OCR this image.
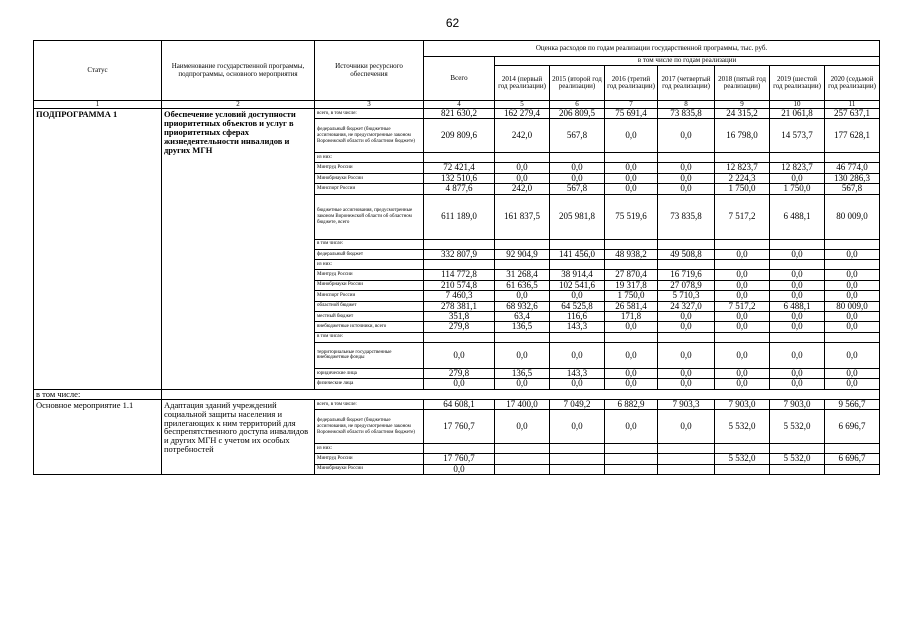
62
Статус	Наименование государственной программы, подпрограммы, основного мероприятия	Источники ресурсного обеспечения	Оценка расходов по годам реализации государственной программы, тыс. руб.							
			Всего	в том числе по годам реализации						
				2014 (первый год реализации)	2015 (второй год реализации)	2016 (третий год реализации)	2017 (четвертый год реализации)	2018 (пятый год реализации)	2019 (шестой год реализации)	2020 (седьмой год реализации)
1	2	3	4	5	6	7	8	9	10	11
ПОДПРОГРАММА 1	Обеспечение условий доступности приоритетных объектов и услуг в приоритетных сферах жизнедеятельности инвалидов и других МГН	всего, в том числе:	821 630,2	162 279,4	206 809,5	75 691,4	73 835,8	24 315,2	21 061,8	257 637,1
		федеральный бюджет (бюджетные ассигнования, не предусмотренные законом Воронежской области об областном бюджете)	209 809,6	242,0	567,8	0,0	0,0	16 798,0	14 573,7	177 628,1
		из них:								
		Минтруд России	72 421,4	0,0	0,0	0,0	0,0	12 823,7	12 823,7	46 774,0
		Минобрнауки России	132 510,6	0,0	0,0	0,0	0,0	2 224,3	0,0	130 286,3
		Минспорт России	4 877,6	242,0	567,8	0,0	0,0	1 750,0	1 750,0	567,8
		бюджетные ассигнования, предусмотренные законом Воронежской области об областном бюджете, всего	611 189,0	161 837,5	205 981,8	75 519,6	73 835,8	7 517,2	6 488,1	80 009,0
		в том числе:								
		федеральный бюджет	332 807,9	92 904,9	141 456,0	48 938,2	49 508,8	0,0	0,0	0,0
		из них:								
		Минтруд России	114 772,8	31 268,4	38 914,4	27 870,4	16 719,6	0,0	0,0	0,0
		Минобрнауки России	210 574,8	61 636,5	102 541,6	19 317,8	27 078,9	0,0	0,0	0,0
		Минспорт России	7 460,3	0,0	0,0	1 750,0	5 710,3	0,0	0,0	0,0
		областной бюджет	278 381,1	68 932,6	64 525,8	26 581,4	24 327,0	7 517,2	6 488,1	80 009,0
		местный бюджет	351,8	63,4	116,6	171,8	0,0	0,0	0,0	0,0
		внебюджетные источники, всего	279,8	136,5	143,3	0,0	0,0	0,0	0,0	0,0
		в том числе:								
		территориальные государственные внебюджетные фонды	0,0	0,0	0,0	0,0	0,0	0,0	0,0	0,0
		юридические лица	279,8	136,5	143,3	0,0	0,0	0,0	0,0	0,0
		физические лица	0,0	0,0	0,0	0,0	0,0	0,0	0,0	0,0
в том числе:										
Основное мероприятие 1.1	Адаптация зданий учреждений социальной защиты населения и прилегающих к ним территорий для беспрепятственного доступа инвалидов и других МГН с учетом их особых потребностей	всего, в том числе:	64 608,1	17 400,0	7 049,2	6 882,9	7 903,3	7 903,0	7 903,0	9 566,7
		федеральный бюджет (бюджетные ассигнования, не предусмотренные законом Воронежской области об областном бюджете)	17 760,7	0,0	0,0	0,0	0,0	5 532,0	5 532,0	6 696,7
		из них:								
		Минтруд России	17 760,7					5 532,0	5 532,0	6 696,7
		Минобрнауки России	0,0							
